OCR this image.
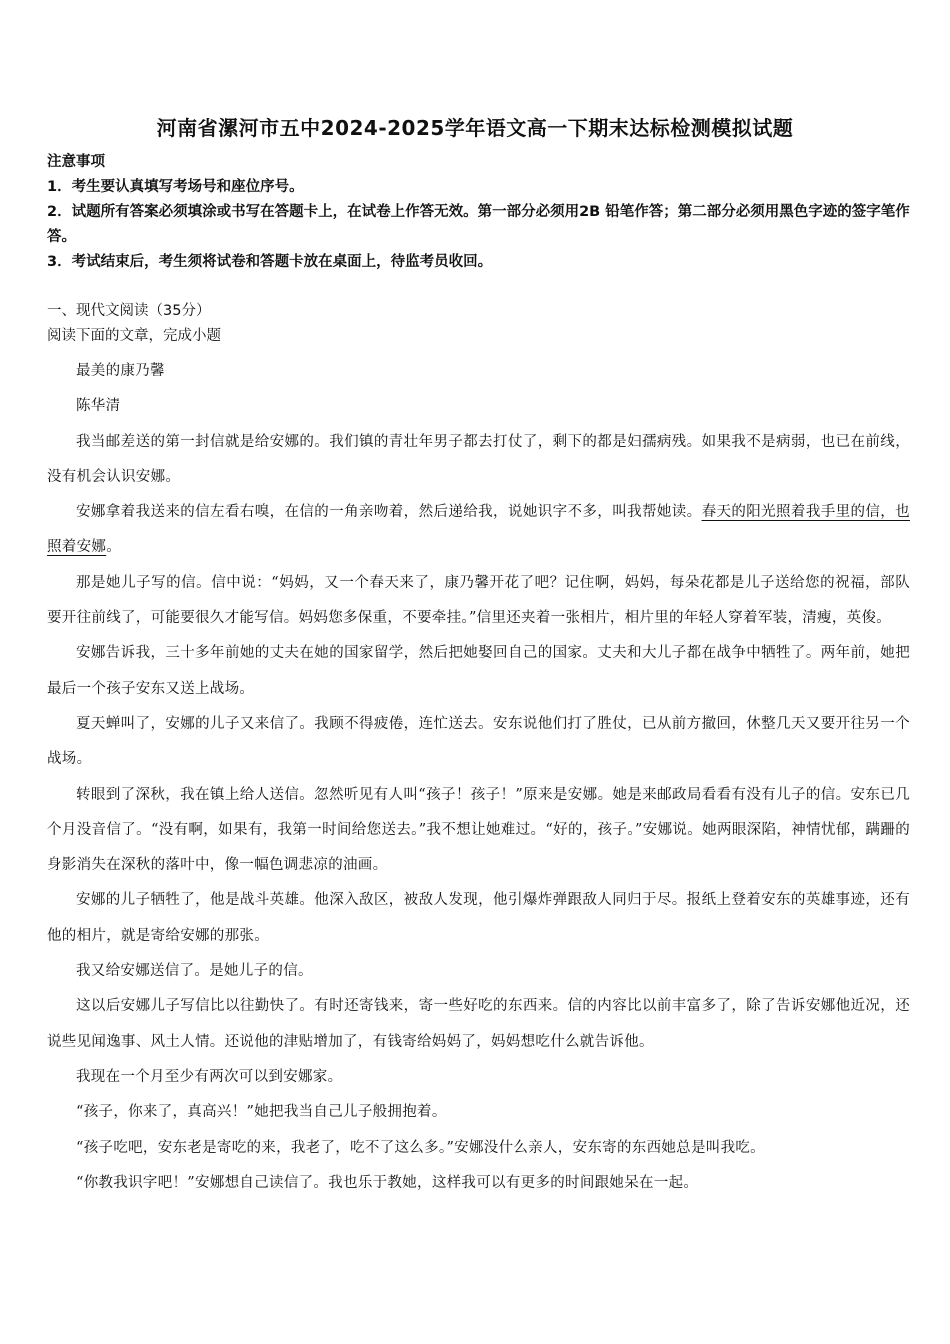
河南省漯河市五中2024-2025学年语文高一下期末达标检测模拟试题

注意事项

1．考生要认真填写考场号和座位序号。

2．试题所有答案必须填涂或书写在答题卡上，在试卷上作答无效。第一部分必须用2B 铅笔作答；第二部分必须用黑色字迹的签字笔作答。

3．考试结束后，考生须将试卷和答题卡放在桌面上，待监考员收回。

一、现代文阅读（35分）
阅读下面的文章，完成小题

最美的康乃馨

陈华清

我当邮差送的第一封信就是给安娜的。我们镇的青壮年男子都去打仗了，剩下的都是妇孺病残。如果我不是病弱，也已在前线，没有机会认识安娜。

安娜拿着我送来的信左看右嗅，在信的一角亲吻着，然后递给我，说她识字不多，叫我帮她读。春天的阳光照着我手里的信，也照着安娜。

那是她儿子写的信。信中说：“妈妈，又一个春天来了，康乃馨开花了吧？记住啊，妈妈，每朵花都是儿子送给您的祝福，部队要开往前线了，可能要很久才能写信。妈妈您多保重，不要牵挂。”信里还夹着一张相片，相片里的年轻人穿着军装，清瘦，英俊。

安娜告诉我，三十多年前她的丈夫在她的国家留学，然后把她娶回自己的国家。丈夫和大儿子都在战争中牺牲了。两年前，她把最后一个孩子安东又送上战场。

夏天蝉叫了，安娜的儿子又来信了。我顾不得疲倦，连忙送去。安东说他们打了胜仗，已从前方撤回，休整几天又要开往另一个战场。

转眼到了深秋，我在镇上给人送信。忽然听见有人叫“孩子！孩子！”原来是安娜。她是来邮政局看看有没有儿子的信。安东已几个月没音信了。“没有啊，如果有，我第一时间给您送去。”我不想让她难过。“好的，孩子。”安娜说。她两眼深陷，神情忧郁，蹒跚的身影消失在深秋的落叶中，像一幅色调悲凉的油画。

安娜的儿子牺牲了，他是战斗英雄。他深入敌区，被敌人发现，他引爆炸弹跟敌人同归于尽。报纸上登着安东的英雄事迹，还有他的相片，就是寄给安娜的那张。

我又给安娜送信了。是她儿子的信。

这以后安娜儿子写信比以往勤快了。有时还寄钱来，寄一些好吃的东西来。信的内容比以前丰富多了，除了告诉安娜他近况，还说些见闻逸事、风土人情。还说他的津贴增加了，有钱寄给妈妈了，妈妈想吃什么就告诉他。

我现在一个月至少有两次可以到安娜家。

“孩子，你来了，真高兴！”她把我当自己儿子般拥抱着。

“孩子吃吧，安东老是寄吃的来，我老了，吃不了这么多。”安娜没什么亲人，安东寄的东西她总是叫我吃。

“你教我识字吧！”安娜想自己读信了。我也乐于教她，这样我可以有更多的时间跟她呆在一起。
